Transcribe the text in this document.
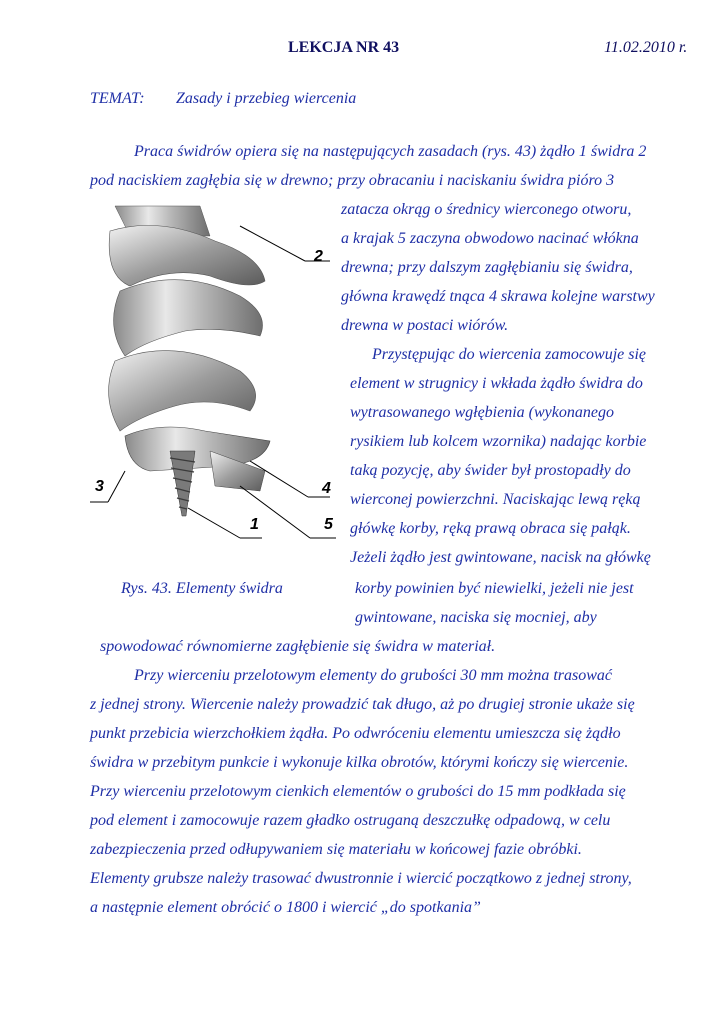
LEKCJA NR 43	11.02.2010 r.
TEMAT: Zasady i przebieg wiercenia
Praca świdrów opiera się na następujących zasadach (rys. 43) żądło 1 świdra 2
pod naciskiem zagłębia się w drewno; przy obracaniu i naciskaniu świdra pióro 3
zatacza okrąg o średnicy wierconego otworu,
a krajak 5 zaczyna obwodowo nacinać włókna
drewna; przy dalszym zagłębianiu się świdra,
główna krawędź tnąca 4 skrawa kolejne warstwy
drewna w postaci wiórów.
Przystępując do wiercenia zamocowuje się
element w strugnicy i wkłada żądło świdra do
wytrasowanego wgłębienia (wykonanego
rysikiem lub kolcem wzornika) nadając korbie
taką pozycję, aby świder był prostopadły do
wierconej powierzchni. Naciskając lewą ręką
główkę korby, ręką prawą obraca się pałąk.
Jeżeli żądło jest gwintowane, nacisk na główkę
korby powinien być niewielki, jeżeli nie jest
gwintowane, naciska się mocniej, aby
spowodować równomierne zagłębienie się świdra w materiał.
Przy wierceniu przelotowym elementy do grubości 30 mm można trasować
z jednej strony. Wiercenie należy prowadzić tak długo, aż po drugiej stronie ukaże się
punkt przebicia wierzchołkiem żądła. Po odwróceniu elementu umieszcza się żądło
świdra w przebitym punkcie i wykonuje kilka obrotów, którymi kończy się wiercenie.
Przy wierceniu przelotowym cienkich elementów o grubości do 15 mm podkłada się
pod element i zamocowuje razem gładko ostruganą deszczułkę odpadową, w celu
zabezpieczenia przed odłupywaniem się materiału w końcowej fazie obróbki.
Elementy grubsze należy trasować dwustronnie i wiercić początkowo z jednej strony,
a następnie element obrócić o 1800 i wiercić „do spotkania”
2
3	4
1	5
Rys. 43. Elementy świdra
